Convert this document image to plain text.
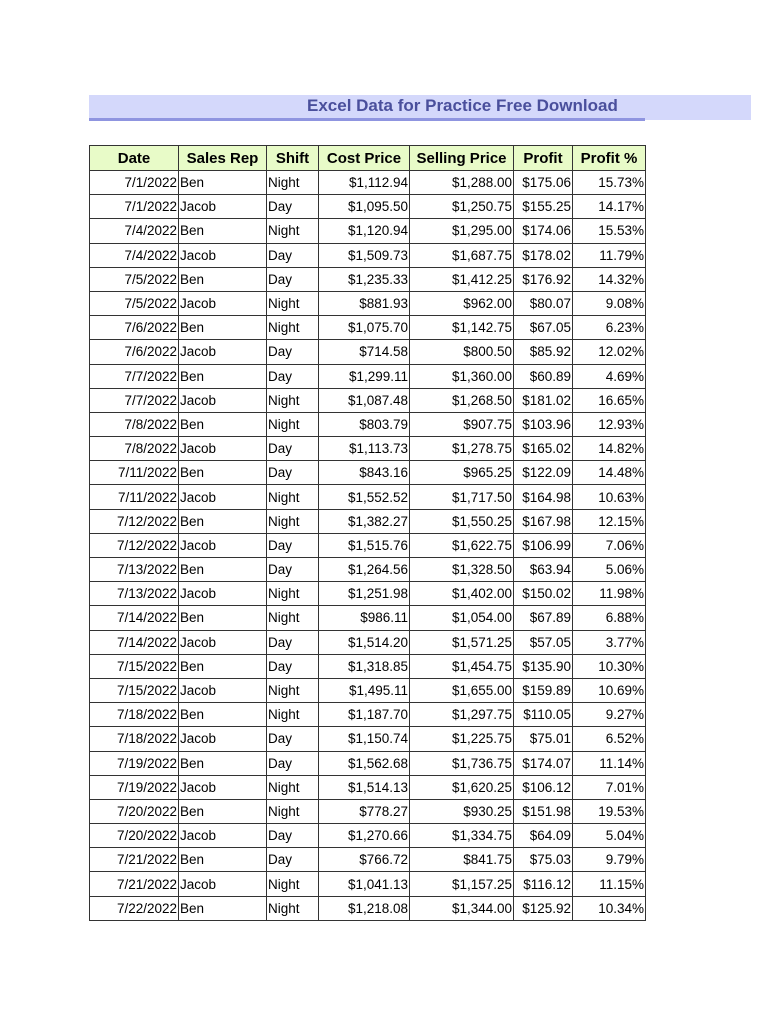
Excel Data for Practice Free Download
Date	Sales Rep	Shift	Cost Price	Selling Price	Profit	Profit %
7/1/2022	Ben	Night	$1,112.94	$1,288.00	$175.06	15.73%
7/1/2022	Jacob	Day	$1,095.50	$1,250.75	$155.25	14.17%
7/4/2022	Ben	Night	$1,120.94	$1,295.00	$174.06	15.53%
7/4/2022	Jacob	Day	$1,509.73	$1,687.75	$178.02	11.79%
7/5/2022	Ben	Day	$1,235.33	$1,412.25	$176.92	14.32%
7/5/2022	Jacob	Night	$881.93	$962.00	$80.07	9.08%
7/6/2022	Ben	Night	$1,075.70	$1,142.75	$67.05	6.23%
7/6/2022	Jacob	Day	$714.58	$800.50	$85.92	12.02%
7/7/2022	Ben	Day	$1,299.11	$1,360.00	$60.89	4.69%
7/7/2022	Jacob	Night	$1,087.48	$1,268.50	$181.02	16.65%
7/8/2022	Ben	Night	$803.79	$907.75	$103.96	12.93%
7/8/2022	Jacob	Day	$1,113.73	$1,278.75	$165.02	14.82%
7/11/2022	Ben	Day	$843.16	$965.25	$122.09	14.48%
7/11/2022	Jacob	Night	$1,552.52	$1,717.50	$164.98	10.63%
7/12/2022	Ben	Night	$1,382.27	$1,550.25	$167.98	12.15%
7/12/2022	Jacob	Day	$1,515.76	$1,622.75	$106.99	7.06%
7/13/2022	Ben	Day	$1,264.56	$1,328.50	$63.94	5.06%
7/13/2022	Jacob	Night	$1,251.98	$1,402.00	$150.02	11.98%
7/14/2022	Ben	Night	$986.11	$1,054.00	$67.89	6.88%
7/14/2022	Jacob	Day	$1,514.20	$1,571.25	$57.05	3.77%
7/15/2022	Ben	Day	$1,318.85	$1,454.75	$135.90	10.30%
7/15/2022	Jacob	Night	$1,495.11	$1,655.00	$159.89	10.69%
7/18/2022	Ben	Night	$1,187.70	$1,297.75	$110.05	9.27%
7/18/2022	Jacob	Day	$1,150.74	$1,225.75	$75.01	6.52%
7/19/2022	Ben	Day	$1,562.68	$1,736.75	$174.07	11.14%
7/19/2022	Jacob	Night	$1,514.13	$1,620.25	$106.12	7.01%
7/20/2022	Ben	Night	$778.27	$930.25	$151.98	19.53%
7/20/2022	Jacob	Day	$1,270.66	$1,334.75	$64.09	5.04%
7/21/2022	Ben	Day	$766.72	$841.75	$75.03	9.79%
7/21/2022	Jacob	Night	$1,041.13	$1,157.25	$116.12	11.15%
7/22/2022	Ben	Night	$1,218.08	$1,344.00	$125.92	10.34%
